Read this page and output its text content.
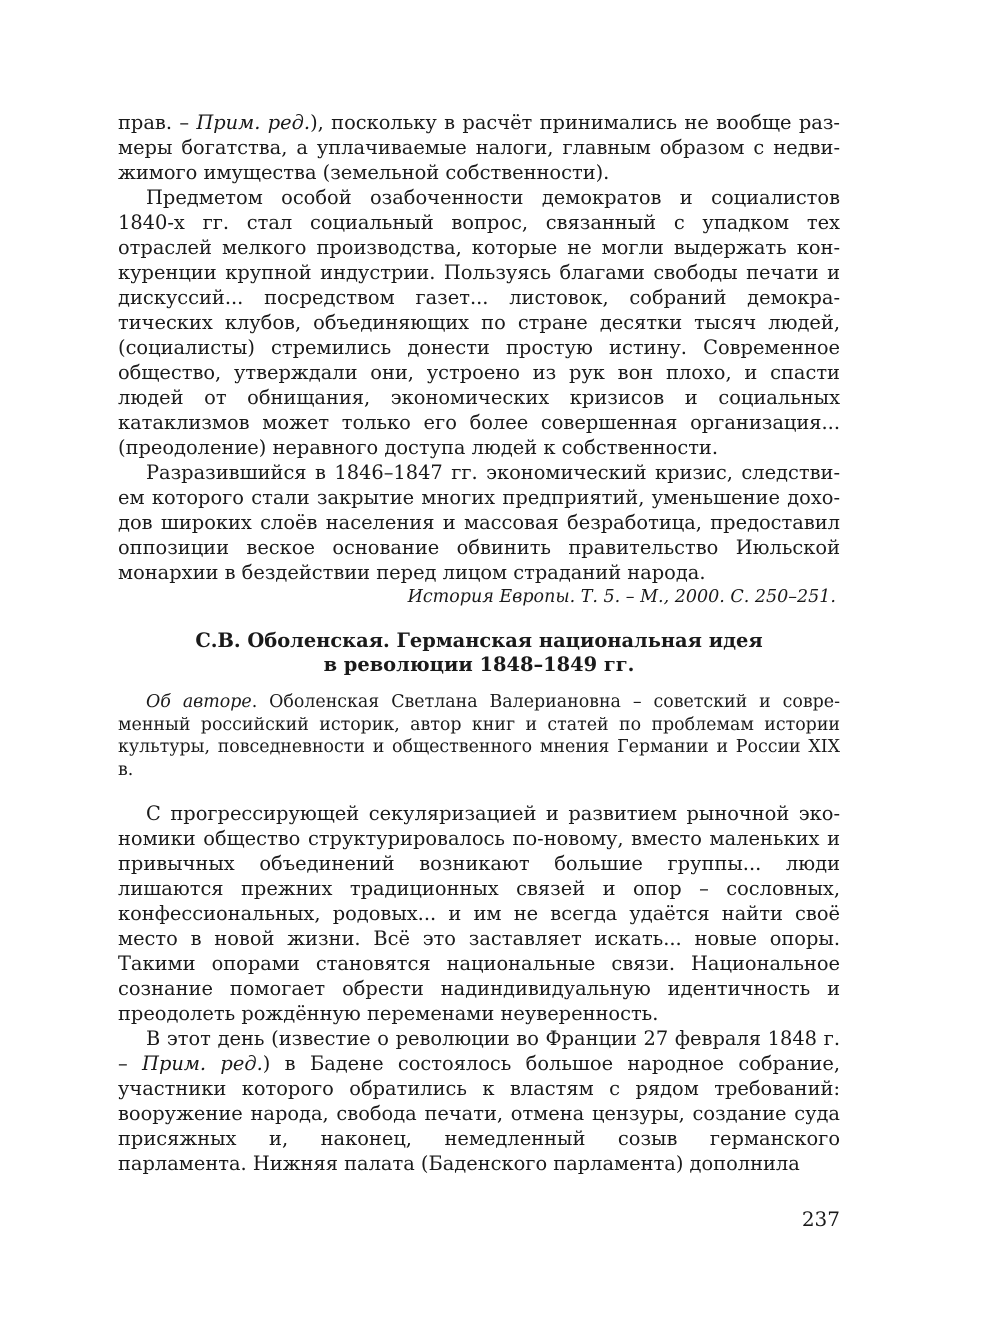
прав. – Прим. ред.), поскольку в расчёт принимались не вообще размеры богатства, а уплачиваемые налоги, главным образом с недвижимого имущества (земельной собственности).

Предметом особой озабоченности демократов и социалистов 1840-х гг. стал социальный вопрос, связанный с упадком тех отраслей мелкого производства, которые не могли выдержать конкуренции крупной индустрии. Пользуясь благами свободы печати и дискуссий... посредством газет... листовок, собраний демократических клубов, объединяющих по стране десятки тысяч людей, (социалисты) стремились донести простую истину. Современное общество, утверждали они, устроено из рук вон плохо, и спасти людей от обнищания, экономических кризисов и социальных катаклизмов может только его более совершенная организация... (преодоление) неравного доступа людей к собственности.

Разразившийся в 1846–1847 гг. экономический кризис, следствием которого стали закрытие многих предприятий, уменьшение доходов широких слоёв населения и массовая безработица, предоставил оппозиции веское основание обвинить правительство Июльской монархии в бездействии перед лицом страданий народа.

История Европы. Т. 5. – М., 2000. С. 250–251.

С.В. Оболенская. Германская национальная идея
в революции 1848–1849 гг.

Об авторе. Оболенская Светлана Валериановна – советский и современный российский историк, автор книг и статей по проблемам истории культуры, повседневности и общественного мнения Германии и России XIX в.

С прогрессирующей секуляризацией и развитием рыночной экономики общество структурировалось по-новому, вместо маленьких и привычных объединений возникают большие группы... люди лишаются прежних традиционных связей и опор – сословных, конфессиональных, родовых... и им не всегда удаётся найти своё место в новой жизни. Всё это заставляет искать... новые опоры. Такими опорами становятся национальные связи. Национальное сознание помогает обрести надиндивидуальную идентичность и преодолеть рождённую переменами неуверенность.

В этот день (известие о революции во Франции 27 февраля 1848 г. – Прим. ред.) в Бадене состоялось большое народное собрание, участники которого обратились к властям с рядом требований: вооружение народа, свобода печати, отмена цензуры, создание суда присяжных и, наконец, немедленный созыв германского парламента. Нижняя палата (Баденского парламента) дополнила

237
